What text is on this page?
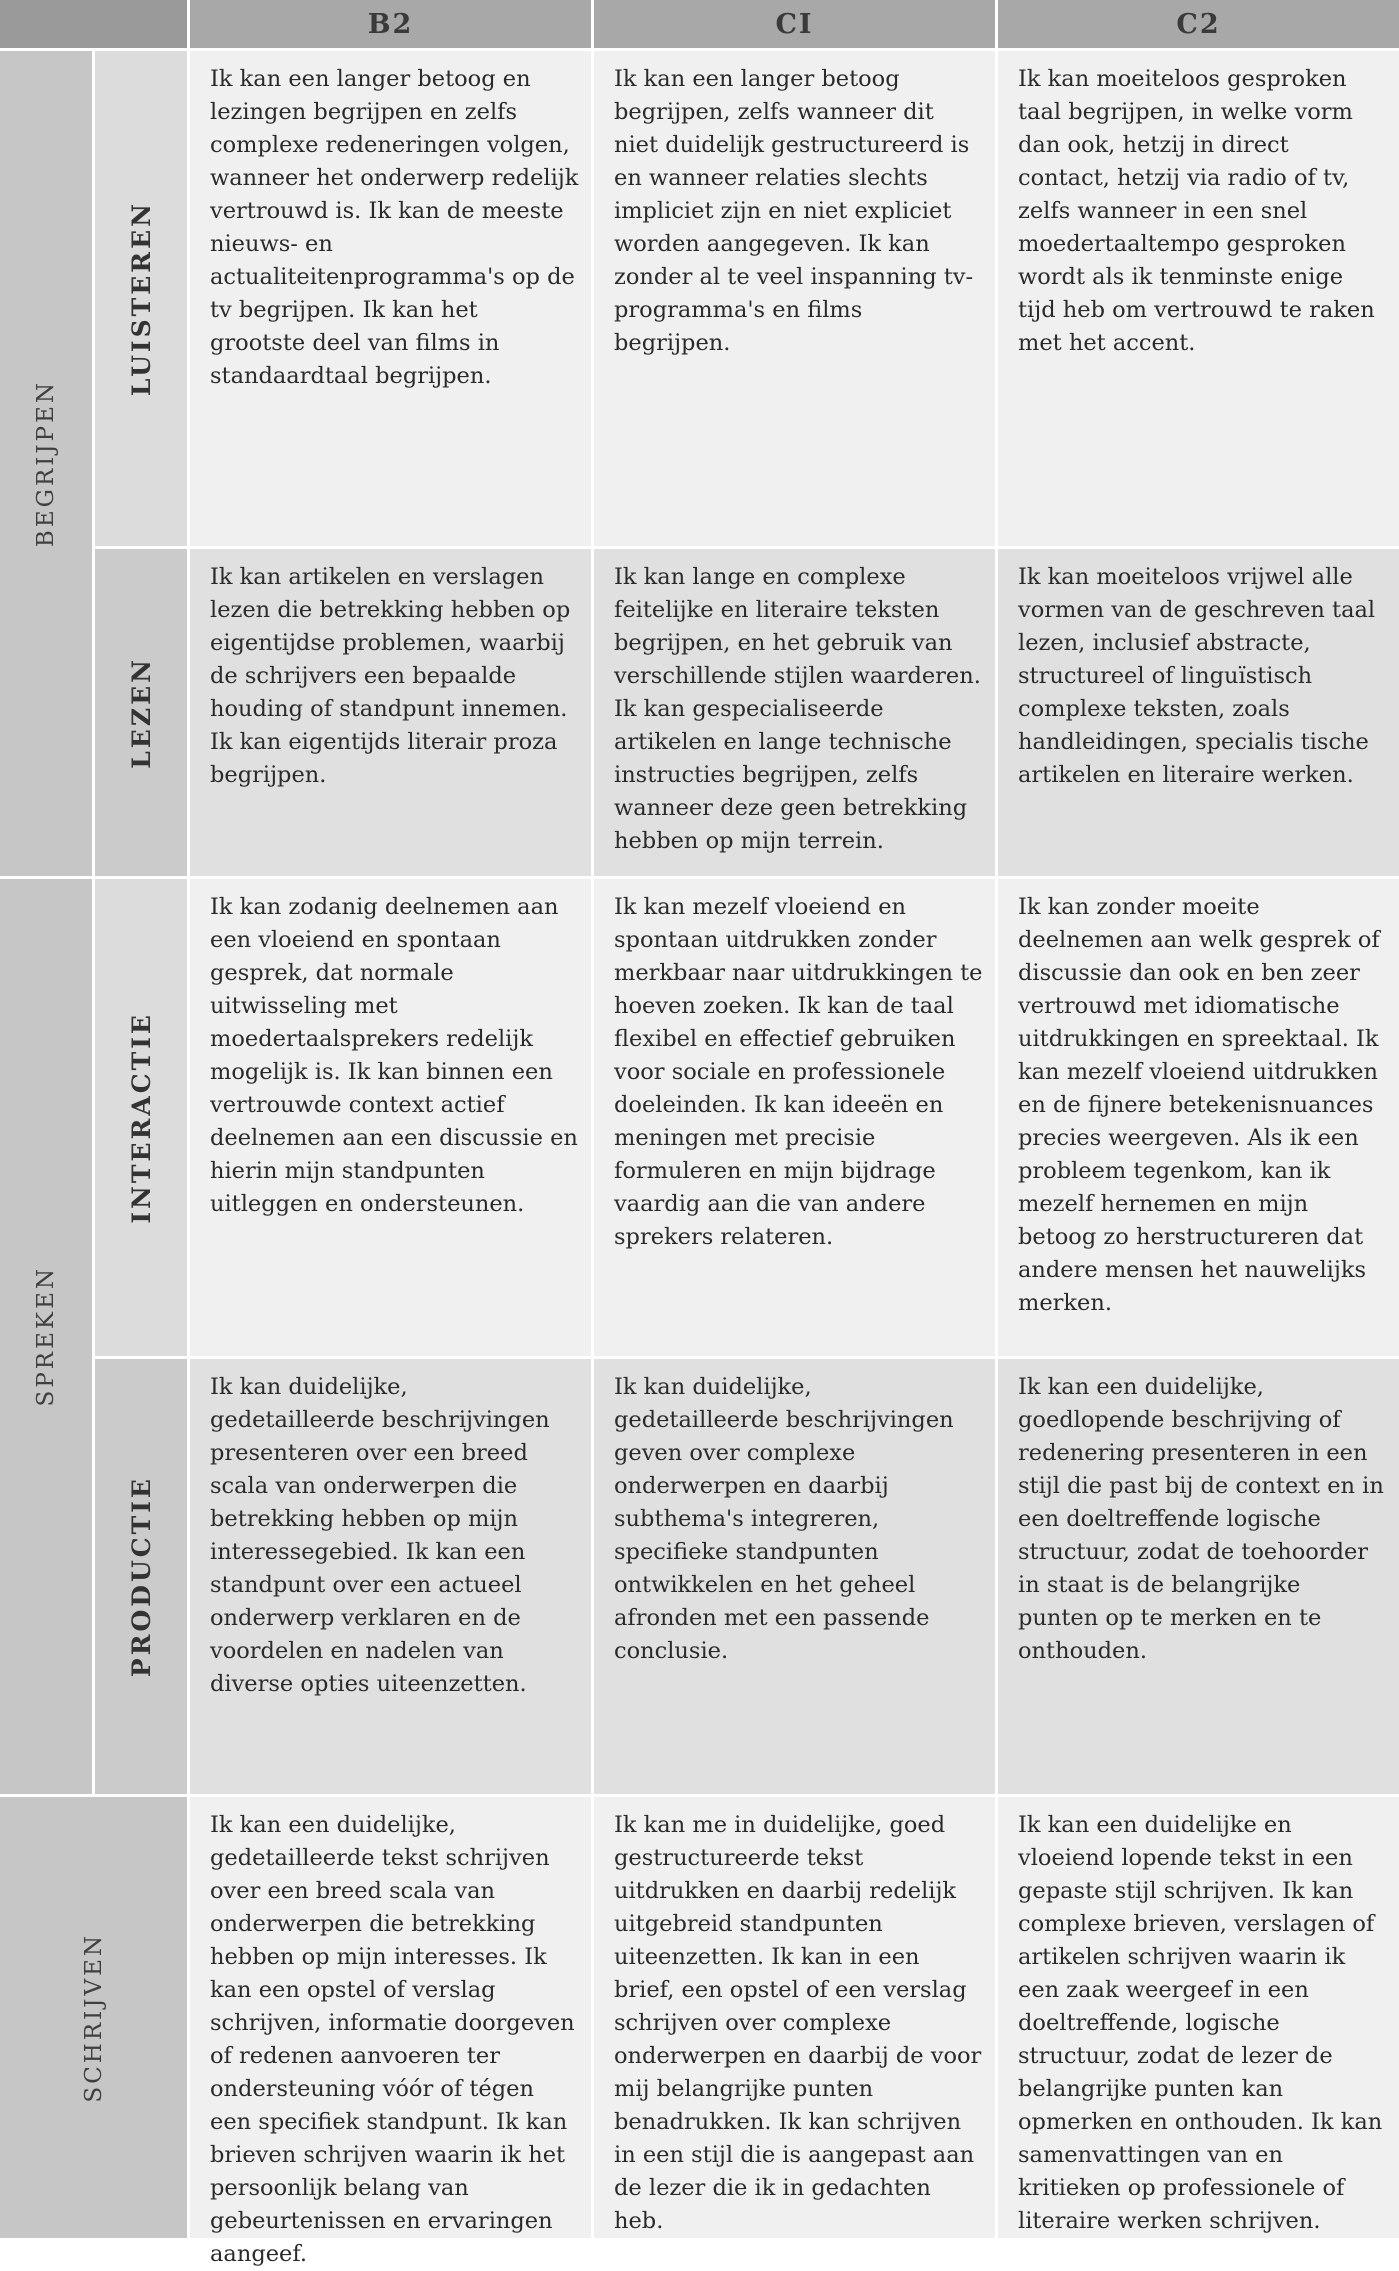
B2	CI	C2
BEGRIJPEN
SPREKEN
SCHRIJVEN
LUISTEREN
LEZEN
INTERACTIE
PRODUCTIE
Ik kan een langer betoog en lezingen begrijpen en zelfs complexe redeneringen volgen, wanneer het onderwerp redelijk vertrouwd is. Ik kan de meeste nieuws- en actualiteitenprogramma's op de tv begrijpen. Ik kan het grootste deel van films in standaardtaal begrijpen.
Ik kan een langer betoog begrijpen, zelfs wanneer dit niet duidelijk gestructureerd is en wanneer relaties slechts impliciet zijn en niet expliciet worden aangegeven. Ik kan zonder al te veel inspanning tv-programma's en films begrijpen.
Ik kan moeiteloos gesproken taal begrijpen, in welke vorm dan ook, hetzij in direct contact, hetzij via radio of tv, zelfs wanneer in een snel moedertaaltempo gesproken wordt als ik tenminste enige tijd heb om vertrouwd te raken met het accent.
Ik kan artikelen en verslagen lezen die betrekking hebben op eigentijdse problemen, waarbij de schrijvers een bepaalde houding of standpunt innemen. Ik kan eigentijds literair proza begrijpen.
Ik kan lange en complexe feitelijke en literaire teksten begrijpen, en het gebruik van verschillende stijlen waarderen. Ik kan gespecialiseerde artikelen en lange technische instructies begrijpen, zelfs wanneer deze geen betrekking hebben op mijn terrein.
Ik kan moeiteloos vrijwel alle vormen van de geschreven taal lezen, inclusief abstracte, structureel of linguïstisch complexe teksten, zoals handleidingen, specialis tische artikelen en literaire werken.
Ik kan zodanig deelnemen aan een vloeiend en spontaan gesprek, dat normale uitwisseling met moedertaalsprekers redelijk mogelijk is. Ik kan binnen een vertrouwde context actief deelnemen aan een discussie en hierin mijn standpunten uitleggen en ondersteunen.
Ik kan mezelf vloeiend en spontaan uitdrukken zonder merkbaar naar uitdrukkingen te hoeven zoeken. Ik kan de taal flexibel en effectief gebruiken voor sociale en professionele doeleinden. Ik kan ideeën en meningen met precisie formuleren en mijn bijdrage vaardig aan die van andere sprekers relateren.
Ik kan zonder moeite deelnemen aan welk gesprek of discussie dan ook en ben zeer vertrouwd met idiomatische uitdrukkingen en spreektaal. Ik kan mezelf vloeiend uitdrukken en de fijnere betekenisnuances precies weergeven. Als ik een probleem tegenkom, kan ik mezelf hernemen en mijn betoog zo herstructureren dat andere mensen het nauwelijks merken.
Ik kan duidelijke, gedetailleerde beschrijvingen presenteren over een breed scala van onderwerpen die betrekking hebben op mijn interessegebied. Ik kan een standpunt over een actueel onderwerp verklaren en de voordelen en nadelen van diverse opties uiteenzetten.
Ik kan duidelijke, gedetailleerde beschrijvingen geven over complexe onderwerpen en daarbij subthema's integreren, specifieke standpunten ontwikkelen en het geheel afronden met een passende conclusie.
Ik kan een duidelijke, goedlopende beschrijving of redenering presenteren in een stijl die past bij de context en in een doeltreffende logische structuur, zodat de toehoorder in staat is de belangrijke punten op te merken en te onthouden.
Ik kan een duidelijke, gedetailleerde tekst schrijven over een breed scala van onderwerpen die betrekking hebben op mijn interesses. Ik kan een opstel of verslag schrijven, informatie doorgeven of redenen aanvoeren ter ondersteuning vóór of tégen een specifiek standpunt. Ik kan brieven schrijven waarin ik het persoonlijk belang van gebeurtenissen en ervaringen aangeef.
Ik kan me in duidelijke, goed gestructureerde tekst uitdrukken en daarbij redelijk uitgebreid standpunten uiteenzetten. Ik kan in een brief, een opstel of een verslag schrijven over complexe onderwerpen en daarbij de voor mij belangrijke punten benadrukken. Ik kan schrijven in een stijl die is aangepast aan de lezer die ik in gedachten heb.
Ik kan een duidelijke en vloeiend lopende tekst in een gepaste stijl schrijven. Ik kan complexe brieven, verslagen of artikelen schrijven waarin ik een zaak weergeef in een doeltreffende, logische structuur, zodat de lezer de belangrijke punten kan opmerken en onthouden. Ik kan samenvattingen van en kritieken op professionele of literaire werken schrijven.
